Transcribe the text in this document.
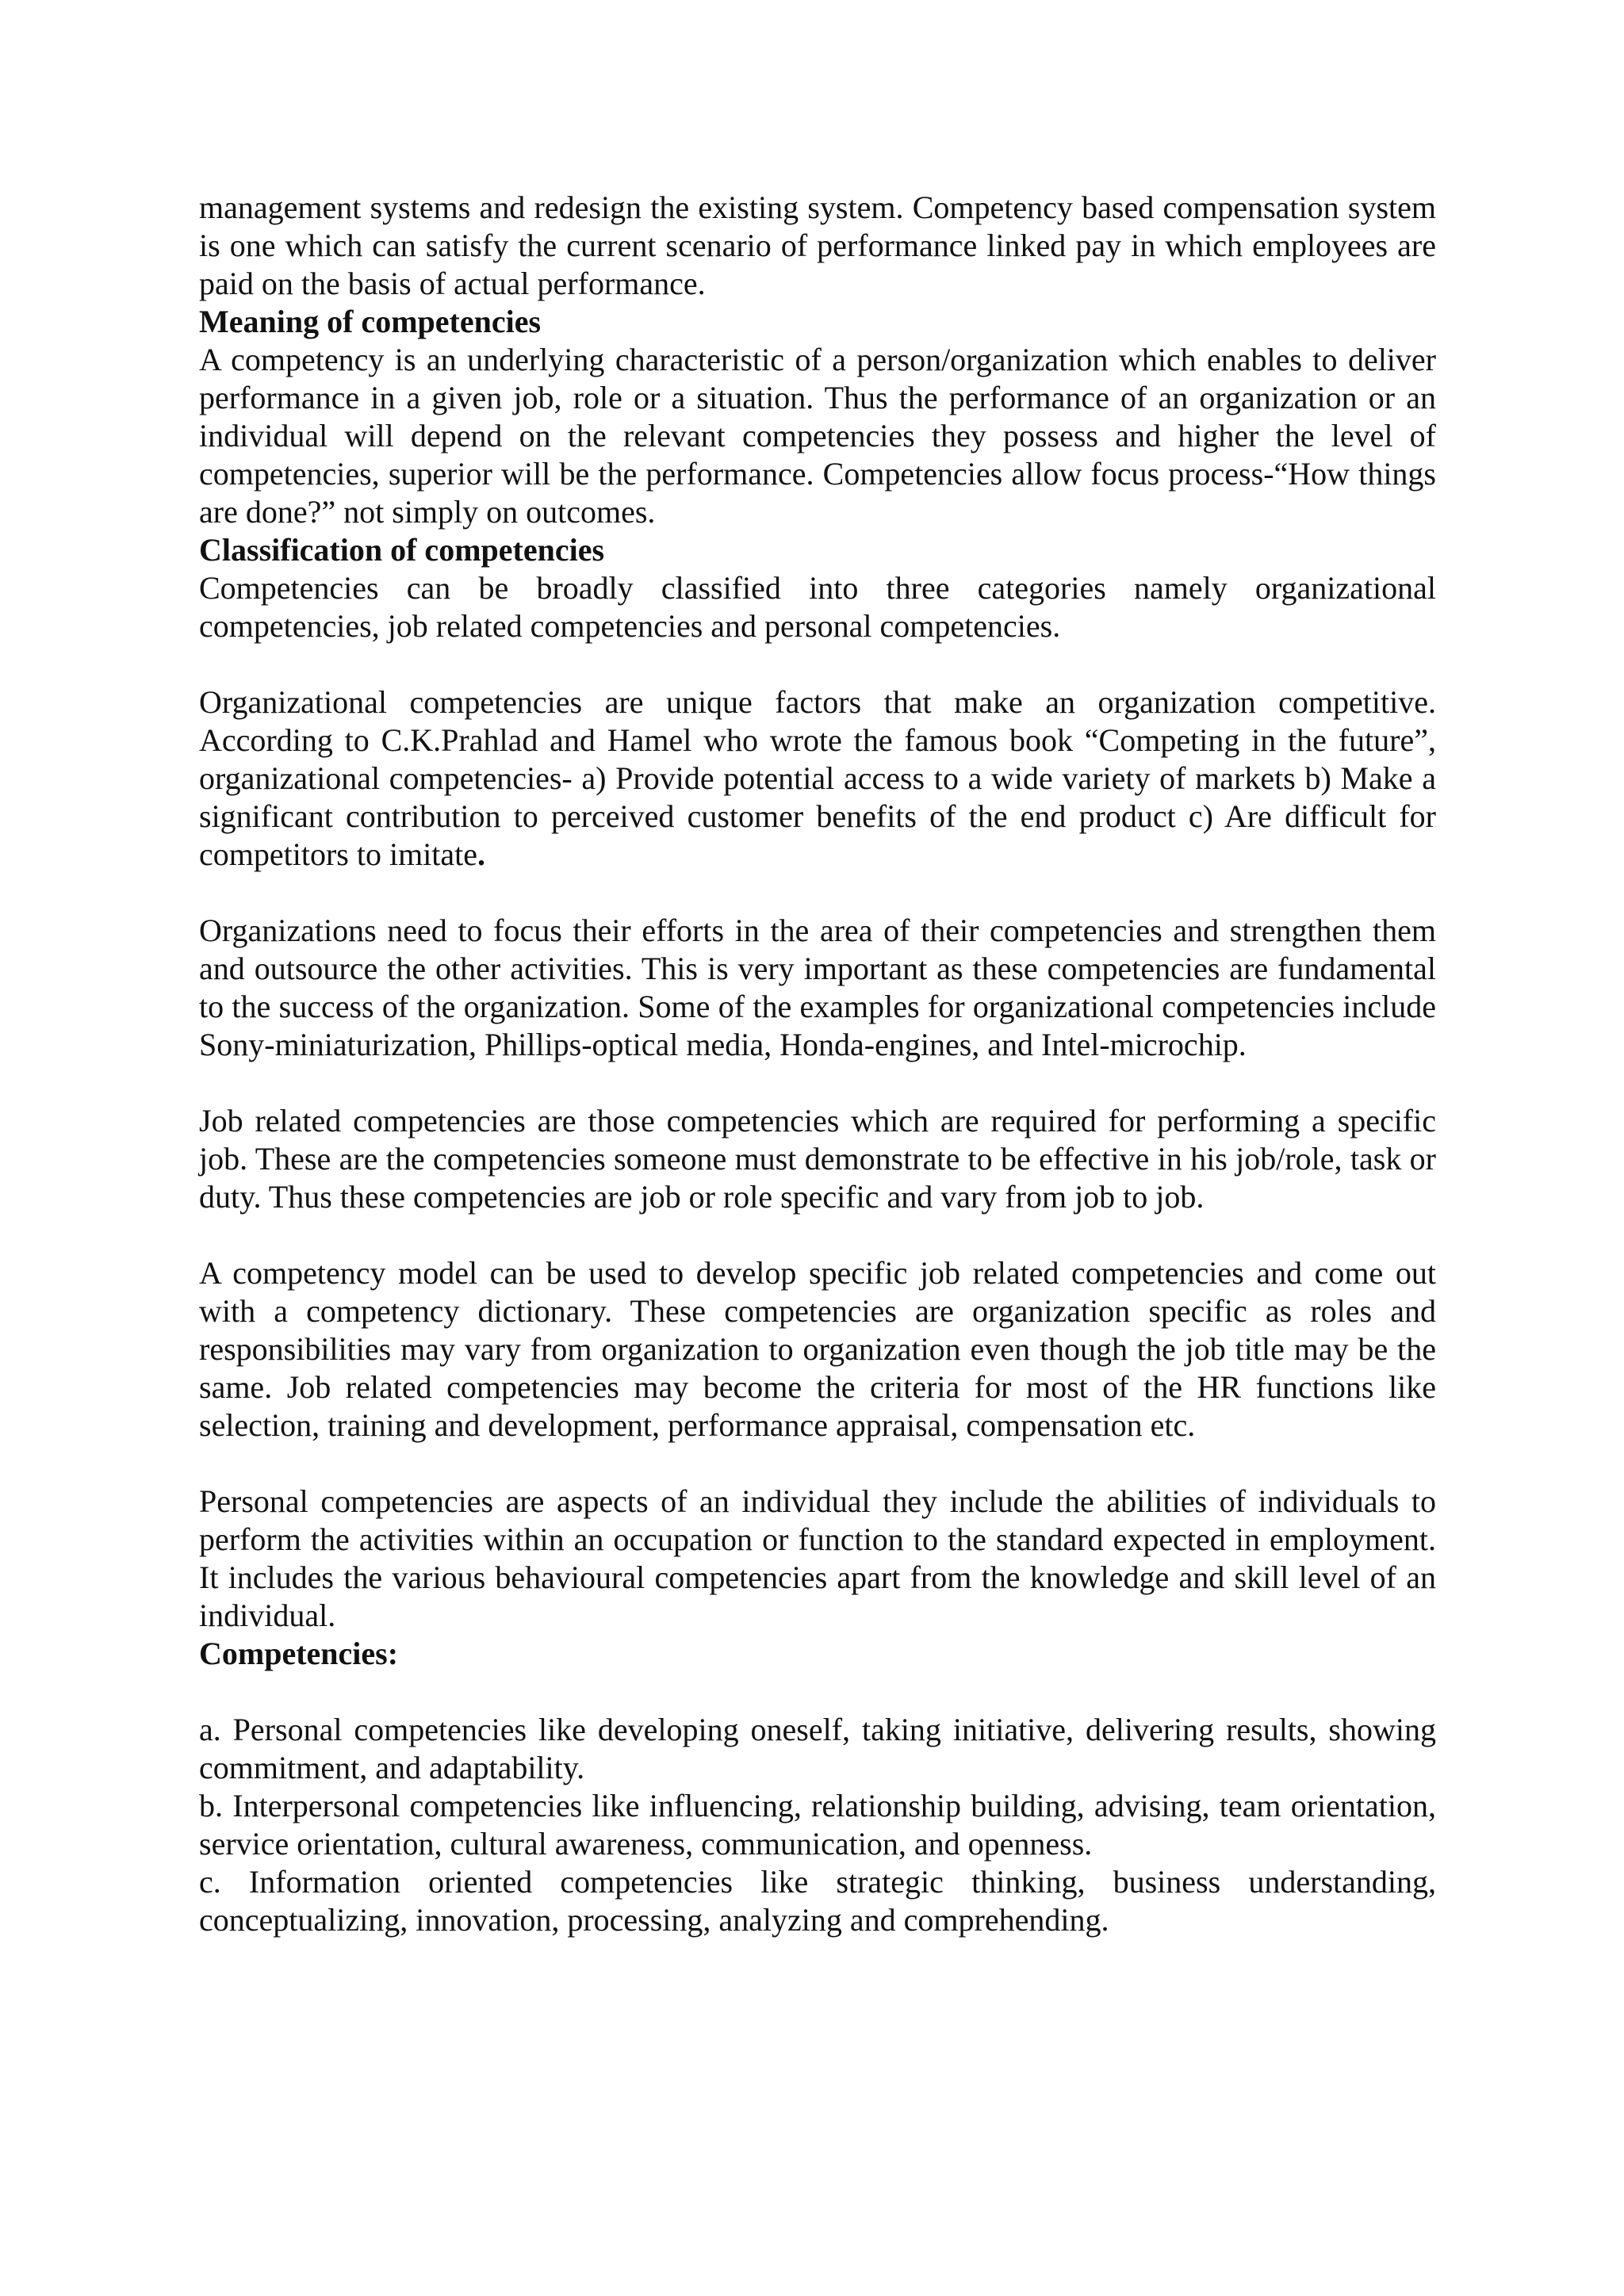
management systems and redesign the existing system. Competency based compensation system is one which can satisfy the current scenario of performance linked pay in which employees are paid on the basis of actual performance.

Meaning of competencies

A competency is an underlying characteristic of a person/organization which enables to deliver performance in a given job, role or a situation. Thus the performance of an organization or an individual will depend on the relevant competencies they possess and higher the level of competencies, superior will be the performance. Competencies allow focus process-“How things are done?” not simply on outcomes.

Classification of competencies

Competencies can be broadly classified into three categories namely organizational competencies, job related competencies and personal competencies.

Organizational competencies are unique factors that make an organization competitive. According to C.K.Prahlad and Hamel who wrote the famous book “Competing in the future”, organizational competencies- a) Provide potential access to a wide variety of markets b) Make a significant contribution to perceived customer benefits of the end product c) Are difficult for competitors to imitate.

Organizations need to focus their efforts in the area of their competencies and strengthen them and outsource the other activities. This is very important as these competencies are fundamental to the success of the organization. Some of the examples for organizational competencies include Sony-miniaturization, Phillips-optical media, Honda-engines, and Intel-microchip.

Job related competencies are those competencies which are required for performing a specific job. These are the competencies someone must demonstrate to be effective in his job/role, task or duty. Thus these competencies are job or role specific and vary from job to job.

A competency model can be used to develop specific job related competencies and come out with a competency dictionary. These competencies are organization specific as roles and responsibilities may vary from organization to organization even though the job title may be the same. Job related competencies may become the criteria for most of the HR functions like selection, training and development, performance appraisal, compensation etc.

Personal competencies are aspects of an individual they include the abilities of individuals to perform the activities within an occupation or function to the standard expected in employment. It includes the various behavioural competencies apart from the knowledge and skill level of an individual.

Competencies:

a. Personal competencies like developing oneself, taking initiative, delivering results, showing commitment, and adaptability.

b. Interpersonal competencies like influencing, relationship building, advising, team orientation, service orientation, cultural awareness, communication, and openness.

c. Information oriented competencies like strategic thinking, business understanding, conceptualizing, innovation, processing, analyzing and comprehending.
